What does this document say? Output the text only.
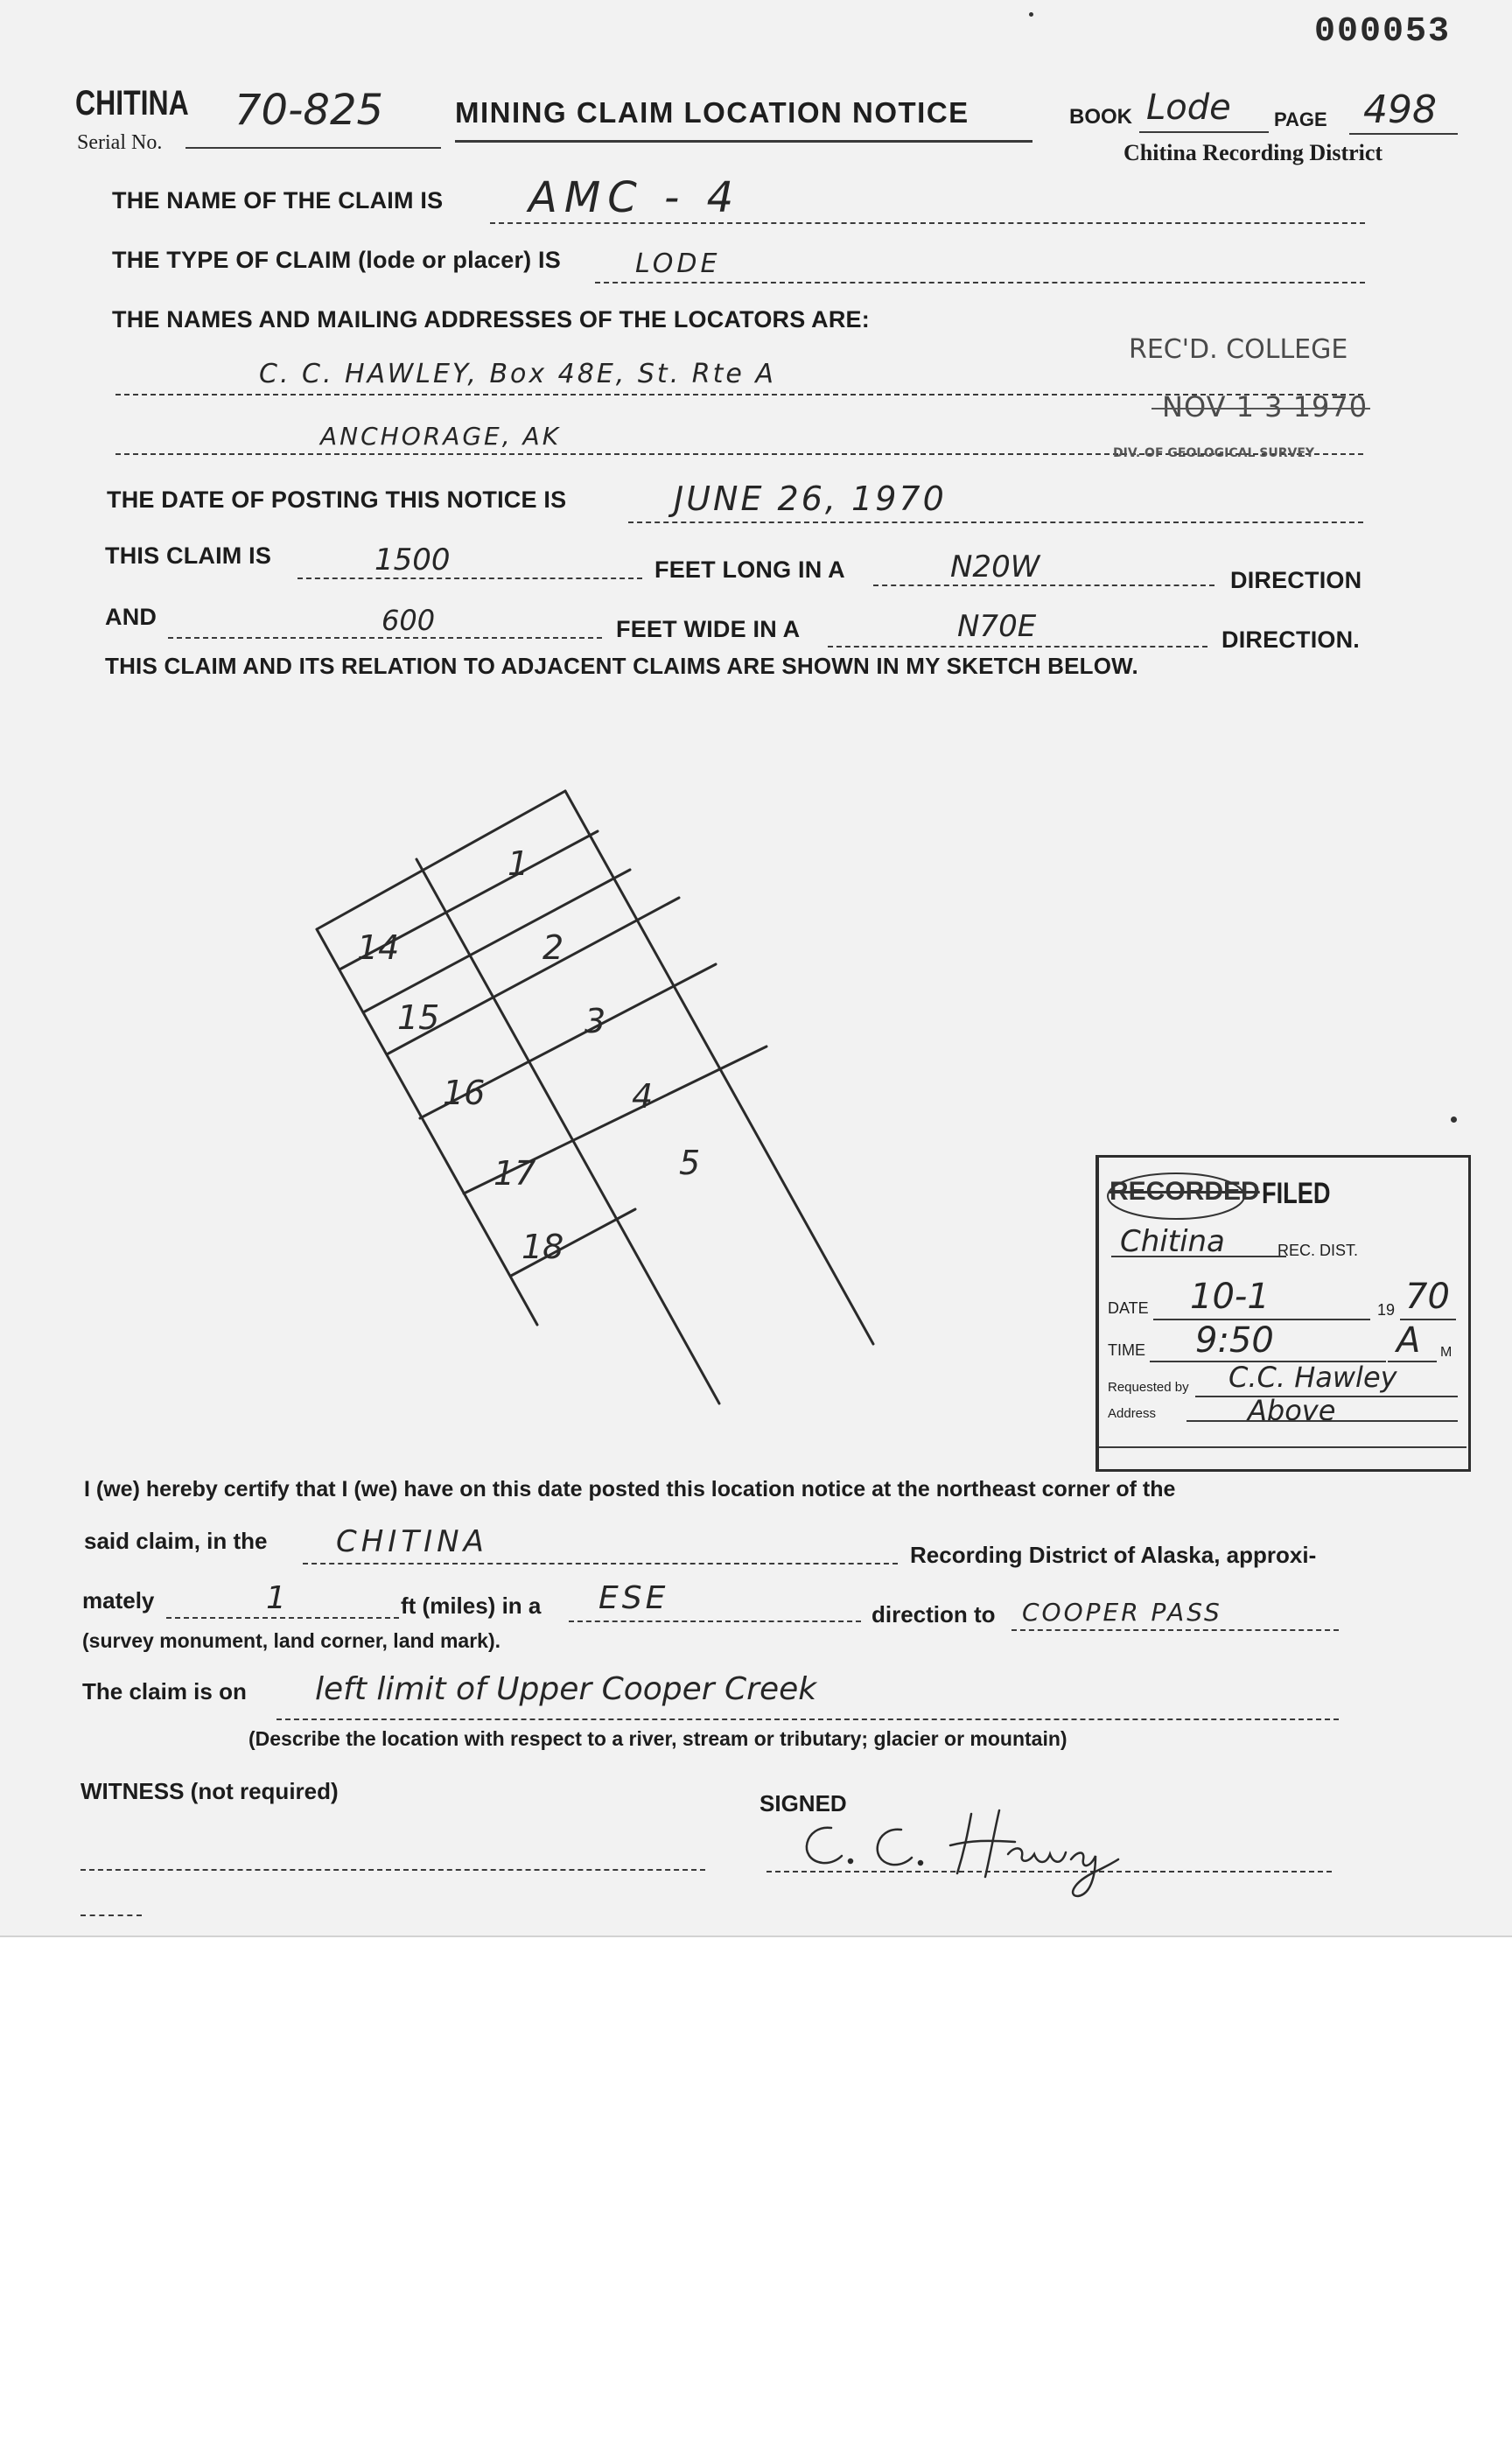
000053
CHITINA
Serial No.
70-825 MINING CLAIM LOCATION NOTICE	BOOK Lode PAGE 498
Chitina Recording District
THE NAME OF THE CLAIM IS AMC - 4
THE TYPE OF CLAIM (lode or placer) IS	LODE
THE NAMES AND MAILING ADDRESSES OF THE LOCATORS ARE:
C. C. HAWLEY, Box 48E, St. Rte A
ANCHORAGE, AK
REC'D. COLLEGE
NOV 1 3 1970
DIV. OF GEOLOGICAL SURVEY
THE DATE OF POSTING THIS NOTICE IS	JUNE 26, 1970
THIS CLAIM IS	1500	FEET LONG IN A	N20W	DIRECTION
AND	600	FEET WIDE IN A	N70E	DIRECTION.
THIS CLAIM AND ITS RELATION TO ADJACENT CLAIMS ARE SHOWN IN MY SKETCH BELOW.
1
2
3
4
5
14
15
16
17
18
RECORDED FILED
Chitina	REC. DIST.
DATE 10-1	19 70
TIME 9:50	A M
Requested by C.C. Hawley
Address	Above
I (we) hereby certify that I (we) have on this date posted this location notice at the northeast corner of the
said claim, in the CHITINA	Recording District of Alaska, approxi-
mately	1	ft (miles) in a ESE	direction to COOPER PASS
(survey monument, land corner, land mark).
The claim is on left limit of Upper Cooper Creek
(Describe the location with respect to a river, stream or tributary; glacier or mountain)
WITNESS (not required)	SIGNED
